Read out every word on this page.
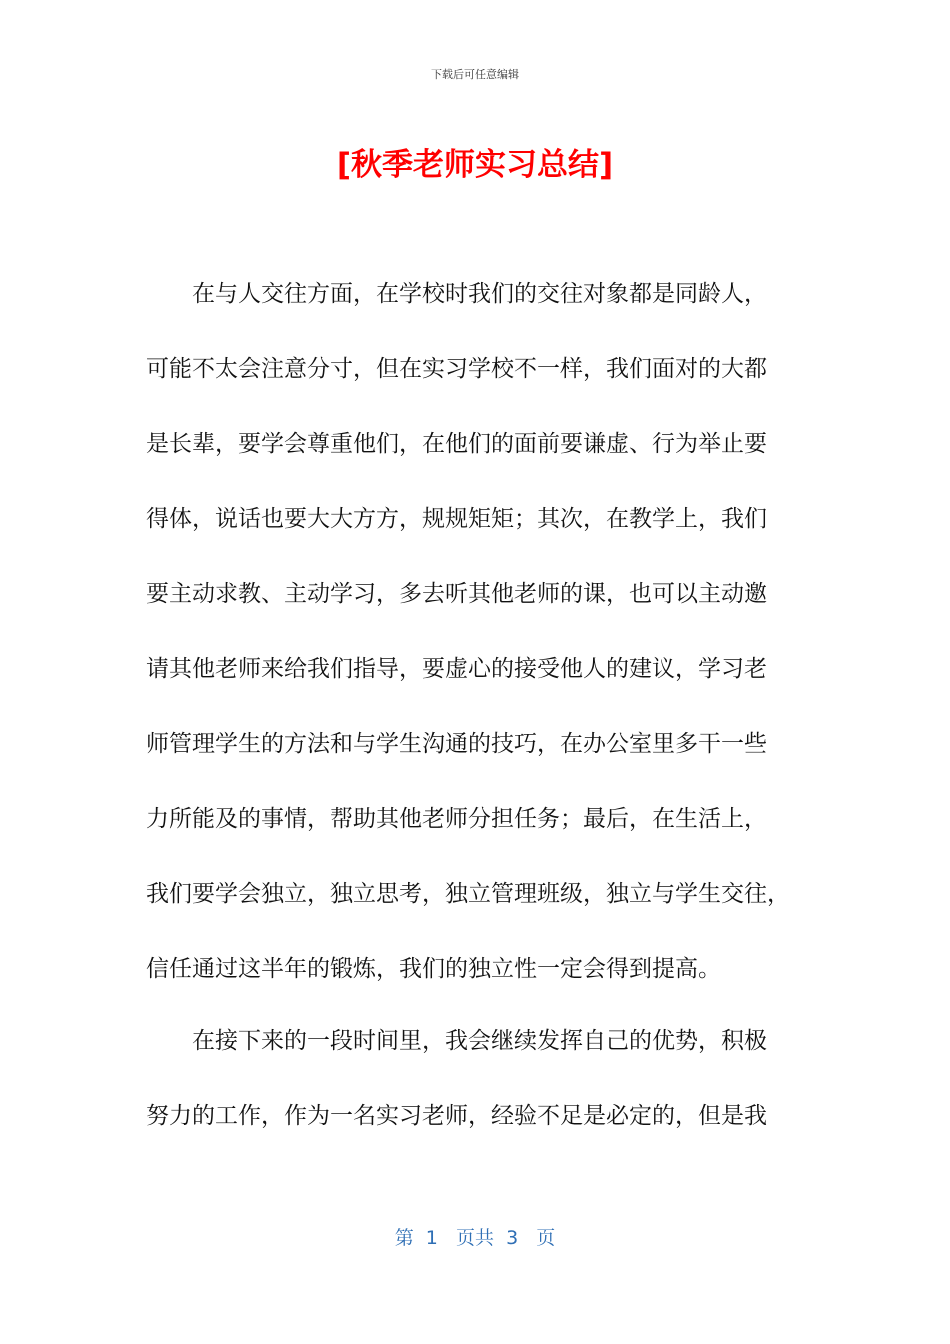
下载后可任意编辑
[秋季老师实习总结]
在与人交往方面，在学校时我们的交往对象都是同龄人，
可能不太会注意分寸，但在实习学校不一样，我们面对的大都
是长辈，要学会尊重他们，在他们的面前要谦虚、行为举止要
得体，说话也要大大方方，规规矩矩；其次，在教学上，我们
要主动求教、主动学习，多去听其他老师的课，也可以主动邀
请其他老师来给我们指导，要虚心的接受他人的建议，学习老
师管理学生的方法和与学生沟通的技巧，在办公室里多干一些
力所能及的事情，帮助其他老师分担任务；最后，在生活上，
我们要学会独立，独立思考，独立管理班级，独立与学生交往，
信任通过这半年的锻炼，我们的独立性一定会得到提高。
在接下来的一段时间里，我会继续发挥自己的优势，积极
努力的工作，作为一名实习老师，经验不足是必定的，但是我
第  1   页共  3   页
